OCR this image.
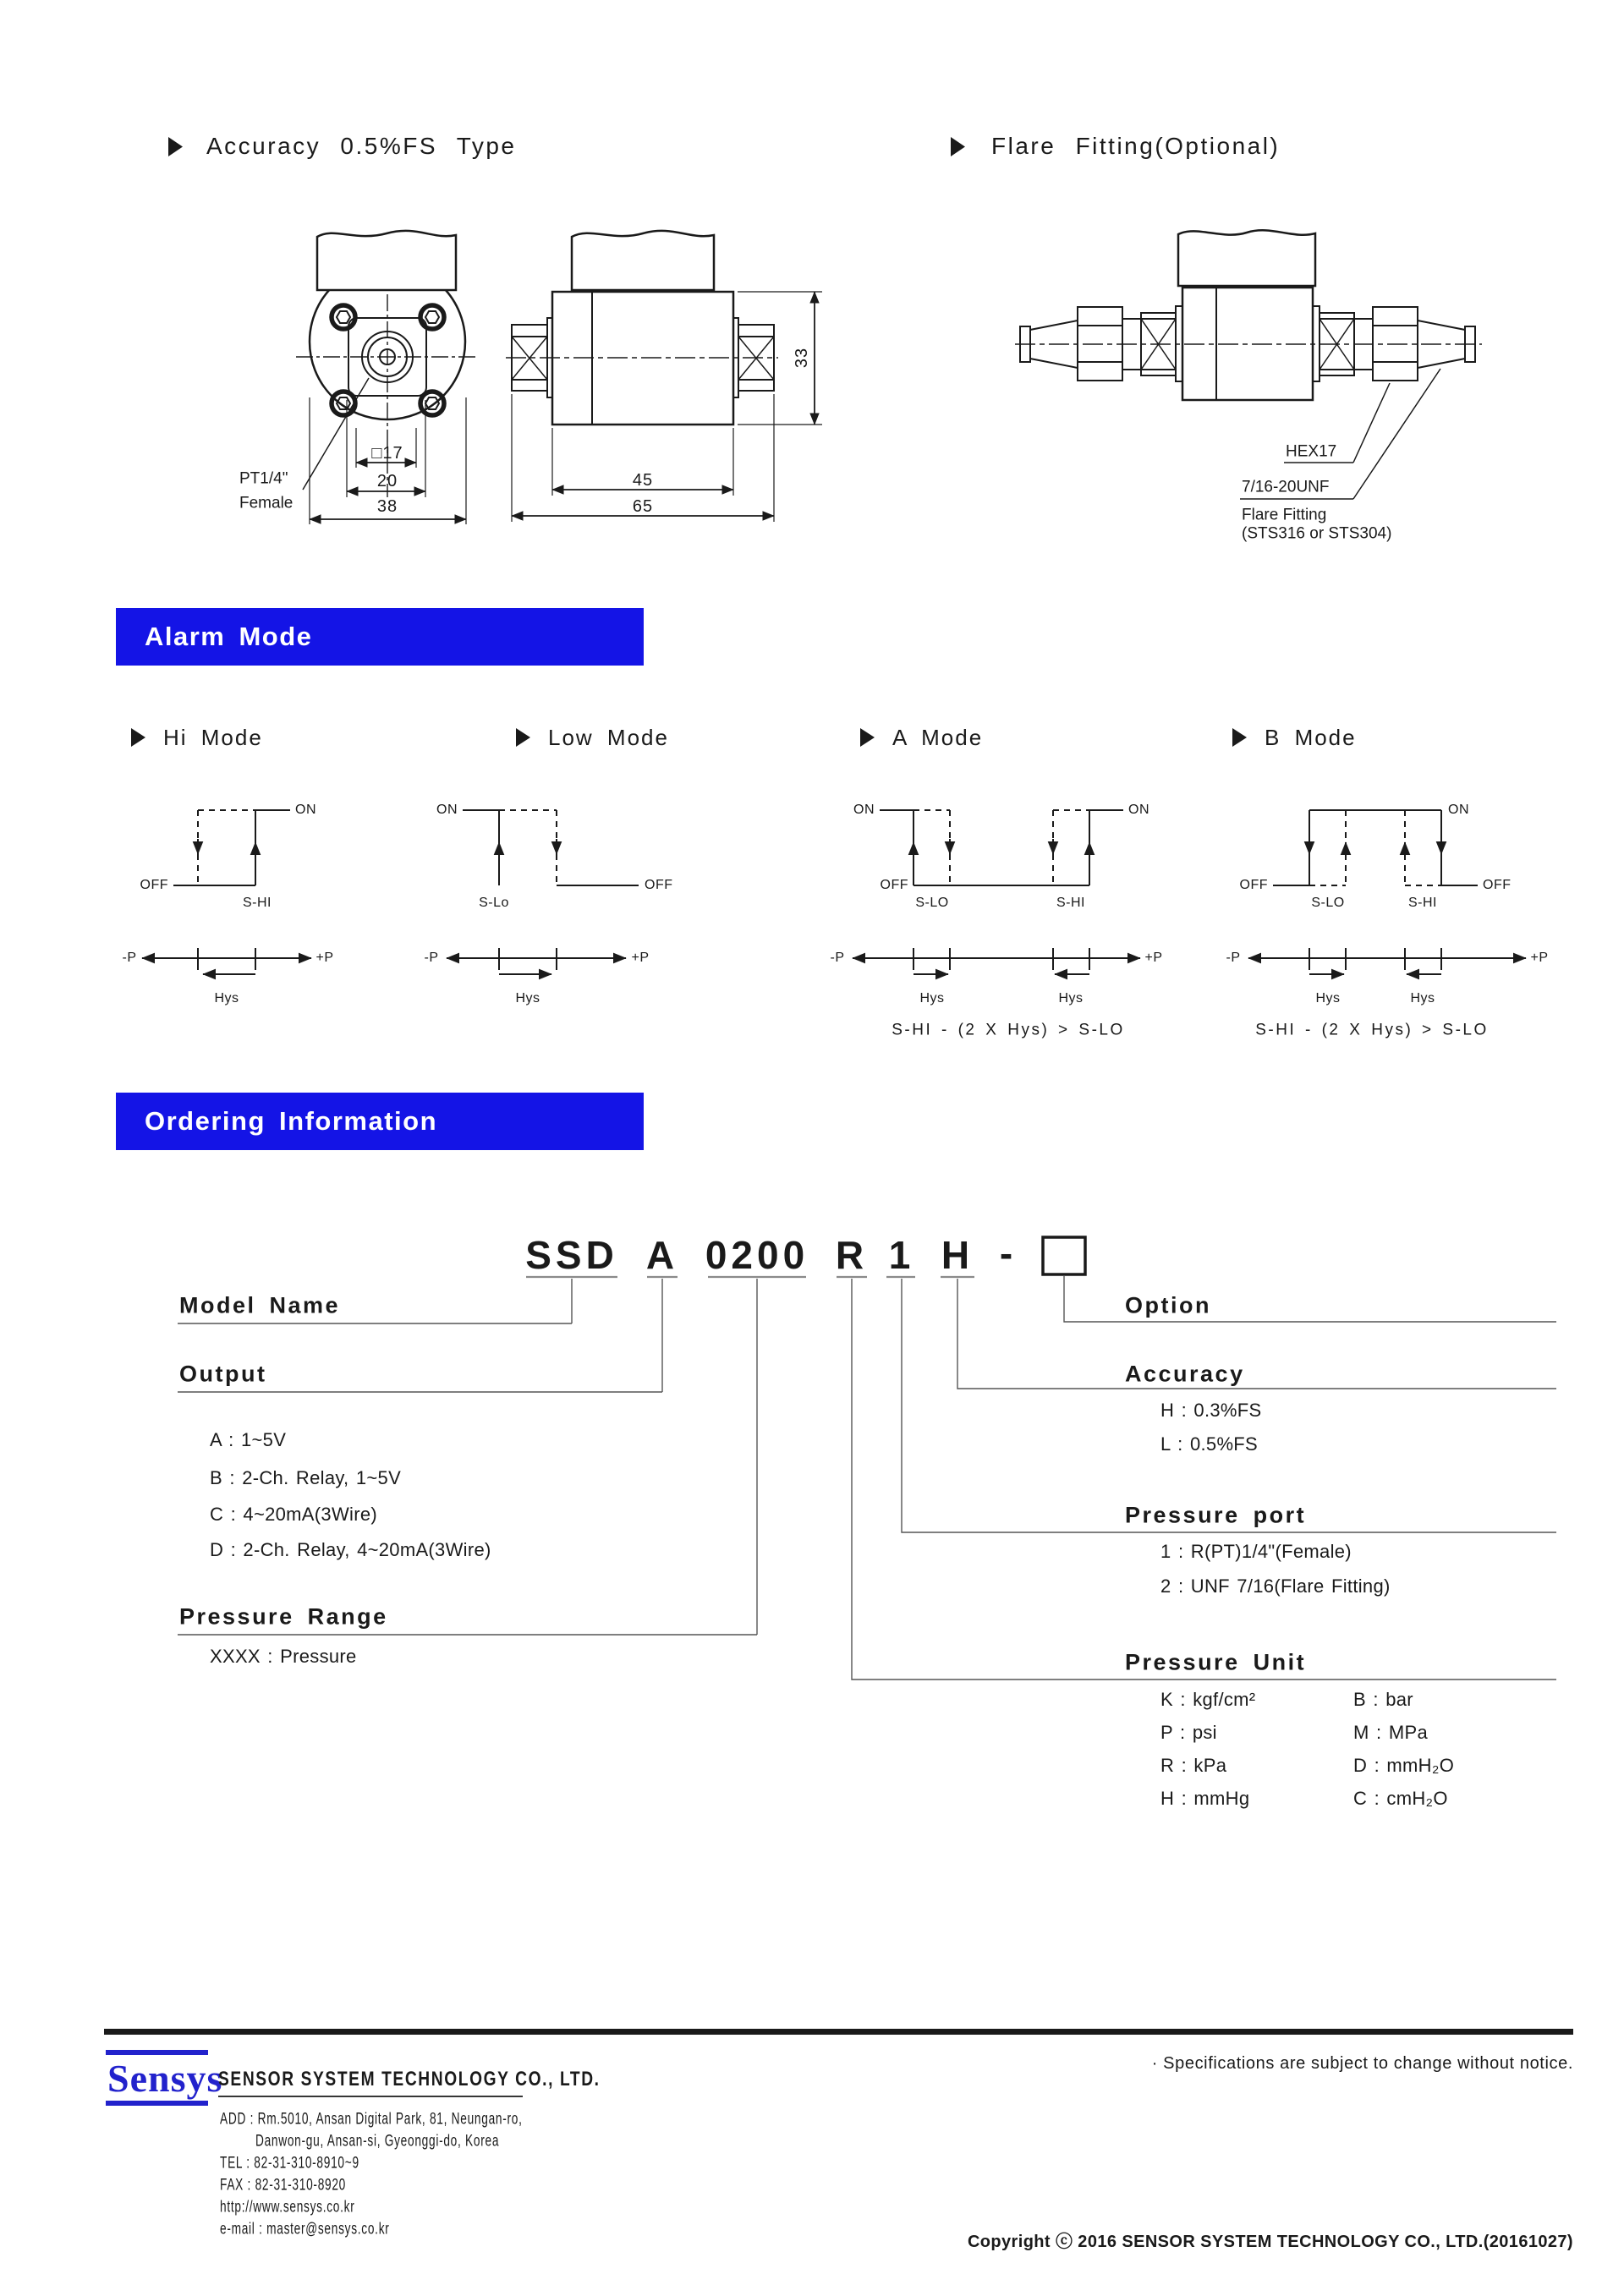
Accuracy 0.5%FS Type	Flare Fitting(Optional)
PT1/4"
Female
□17
20
38
45
65
33
HEX17
7/16-20UNF
Flare Fitting
(STS316 or STS304)
Alarm Mode
Hi Mode	Low Mode	A Mode	B Mode
ON
OFF
S-HI
-P	+P
Hys
ON
OFF
S-Lo
-P	+P
Hys
ON	ON
OFF
S-LO	S-HI
-P	+P
Hys	Hys
S-HI - (2 X Hys) > S-LO
OFF	OFF
ON
S-LO	S-HI
-P	+P
Hys	Hys
S-HI - (2 X Hys) > S-LO
Ordering Information
SSD A 0200 R 1 H -
Model Name
Output
A : 1~5V
B : 2-Ch. Relay, 1~5V
C : 4~20mA(3Wire)
D : 2-Ch. Relay, 4~20mA(3Wire)
Pressure Range
XXXX : Pressure
Option
Accuracy
H : 0.3%FS
L : 0.5%FS
Pressure port
1 : R(PT)1/4"(Female)
2 : UNF 7/16(Flare Fitting)
Pressure Unit
K : kgf/cm²
P : psi
R : kPa
H : mmHg
B : bar
M : MPa
D : mmH₂O
C : cmH₂O
Sensys
SENSOR SYSTEM TECHNOLOGY CO., LTD.
ADD : Rm.5010, Ansan Digital Park, 81, Neungan-ro,
Danwon-gu, Ansan-si, Gyeonggi-do, Korea
TEL : 82-31-310-8910~9
FAX : 82-31-310-8920
http://www.sensys.co.kr
e-mail : master@sensys.co.kr
· Specifications are subject to change without notice.
Copyright ⓒ 2016 SENSOR SYSTEM TECHNOLOGY CO., LTD.(20161027)
